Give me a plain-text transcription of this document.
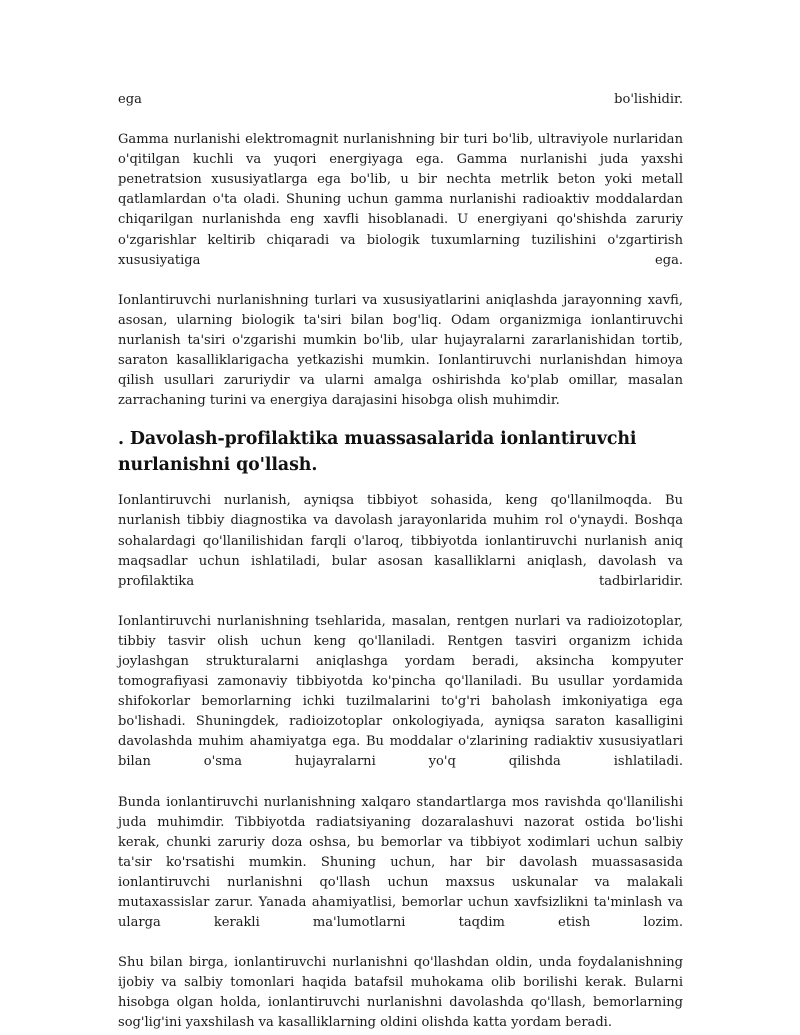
ega bo'lishidir.

Gamma nurlanishi elektromagnit nurlanishning bir turi bo'lib, ultraviyole nurlaridan o'qitilgan kuchli va yuqori energiyaga ega. Gamma nurlanishi juda yaxshi penetratsion xususiyatlarga ega bo'lib, u bir nechta metrlik beton yoki metall qatlamlardan o'ta oladi. Shuning uchun gamma nurlanishi radioaktiv moddalardan chiqarilgan nurlanishda eng xavfli hisoblanadi. U energiyani qo'shishda zaruriy o'zgarishlar keltirib chiqaradi va biologik tuxumlarning tuzilishini o'zgartirish xususiyatiga ega.

Ionlantiruvchi nurlanishning turlari va xususiyatlarini aniqlashda jarayonning xavfi, asosan, ularning biologik ta'siri bilan bog'liq. Odam organizmiga ionlantiruvchi nurlanish ta'siri o'zgarishi mumkin bo'lib, ular hujayralarni zararlanishidan tortib, saraton kasalliklarigacha yetkazishi mumkin. Ionlantiruvchi nurlanishdan himoya qilish usullari zaruriydir va ularni amalga oshirishda ko'plab omillar, masalan zarrachaning turini va energiya darajasini hisobga olish muhimdir.

. Davolash-profilaktika muassasalarida ionlantiruvchi nurlanishni qo'llash.

Ionlantiruvchi nurlanish, ayniqsa tibbiyot sohasida, keng qo'llanilmoqda. Bu nurlanish tibbiy diagnostika va davolash jarayonlarida muhim rol o'ynaydi. Boshqa sohalardagi qo'llanilishidan farqli o'laroq, tibbiyotda ionlantiruvchi nurlanish aniq maqsadlar uchun ishlatiladi, bular asosan kasalliklarni aniqlash, davolash va profilaktika tadbirlaridir.

Ionlantiruvchi nurlanishning tsehlarida, masalan, rentgen nurlari va radioizotoplar, tibbiy tasvir olish uchun keng qo'llaniladi. Rentgen tasviri organizm ichida joylashgan strukturalarni aniqlashga yordam beradi, aksincha kompyuter tomografiyasi zamonaviy tibbiyotda ko'pincha qo'llaniladi. Bu usullar yordamida shifokorlar bemorlarning ichki tuzilmalarini to'g'ri baholash imkoniyatiga ega bo'lishadi. Shuningdek, radioizotoplar onkologiyada, ayniqsa saraton kasalligini davolashda muhim ahamiyatga ega. Bu moddalar o'zlarining radiaktiv xususiyatlari bilan o'sma hujayralarni yo'q qilishda ishlatiladi.

Bunda ionlantiruvchi nurlanishning xalqaro standartlarga mos ravishda qo'llanilishi juda muhimdir. Tibbiyotda radiatsiyaning dozaralashuvi nazorat ostida bo'lishi kerak, chunki zaruriy doza oshsa, bu bemorlar va tibbiyot xodimlari uchun salbiy ta'sir ko'rsatishi mumkin. Shuning uchun, har bir davolash muassasasida ionlantiruvchi nurlanishni qo'llash uchun maxsus uskunalar va malakali mutaxassislar zarur. Yanada ahamiyatlisi, bemorlar uchun xavfsizlikni ta'minlash va ularga kerakli ma'lumotlarni taqdim etish lozim.

Shu bilan birga, ionlantiruvchi nurlanishni qo'llashdan oldin, unda foydalanishning ijobiy va salbiy tomonlari haqida batafsil muhokama olib borilishi kerak. Bularni hisobga olgan holda, ionlantiruvchi nurlanishni davolashda qo'llash, bemorlarning sog'lig'ini yaxshilash va kasalliklarning oldini olishda katta yordam beradi.
